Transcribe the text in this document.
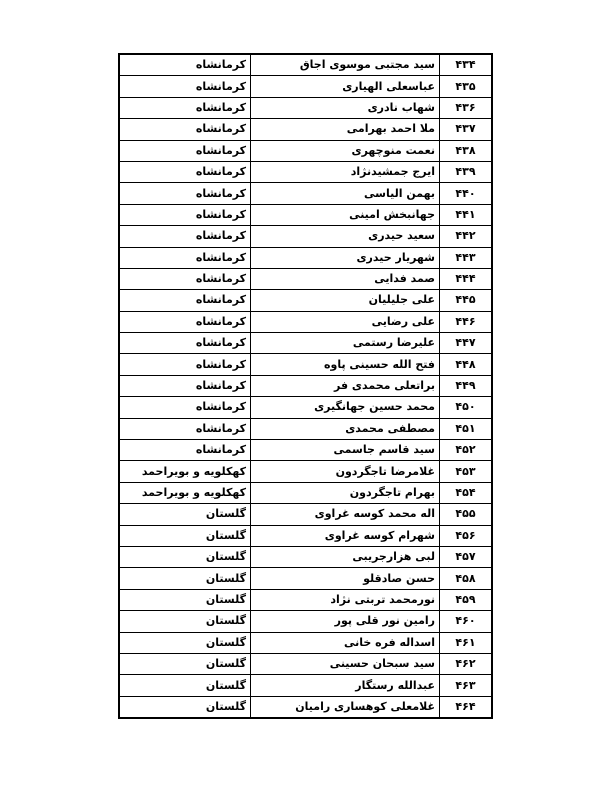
۴۳۴	سید مجتبی موسوی اجاق	کرمانشاه
۴۳۵	عباسعلی الهیاری	کرمانشاه
۴۳۶	شهاب نادری	کرمانشاه
۴۳۷	ملا احمد بهرامی	کرمانشاه
۴۳۸	نعمت منوچهری	کرمانشاه
۴۳۹	ایرج جمشیدنژاد	کرمانشاه
۴۴۰	بهمن الیاسی	کرمانشاه
۴۴۱	جهانبخش امینی	کرمانشاه
۴۴۲	سعید حیدری	کرمانشاه
۴۴۳	شهریار حیدری	کرمانشاه
۴۴۴	صمد فدایی	کرمانشاه
۴۴۵	علی جلیلیان	کرمانشاه
۴۴۶	علی رضایی	کرمانشاه
۴۴۷	علیرضا رستمی	کرمانشاه
۴۴۸	فتح الله حسینی پاوه	کرمانشاه
۴۴۹	براتعلی محمدی فر	کرمانشاه
۴۵۰	محمد حسین جهانگیری	کرمانشاه
۴۵۱	مصطفی محمدی	کرمانشاه
۴۵۲	سید قاسم جاسمی	کرمانشاه
۴۵۳	غلامرضا تاجگردون	کهکلویه و بویراحمد
۴۵۴	بهرام تاجگردون	کهکلویه و بویراحمد
۴۵۵	اله محمد کوسه غراوی	گلستان
۴۵۶	شهرام کوسه غراوی	گلستان
۴۵۷	لبی هزارجریبی	گلستان
۴۵۸	حسن صادقلو	گلستان
۴۵۹	نورمحمد تربتی نژاد	گلستان
۴۶۰	رامین نور قلی پور	گلستان
۴۶۱	اسداله فره خانی	گلستان
۴۶۲	سید سبحان حسینی	گلستان
۴۶۳	عبدالله رستگار	گلستان
۴۶۴	غلامعلی کوهساری رامیان	گلستان
